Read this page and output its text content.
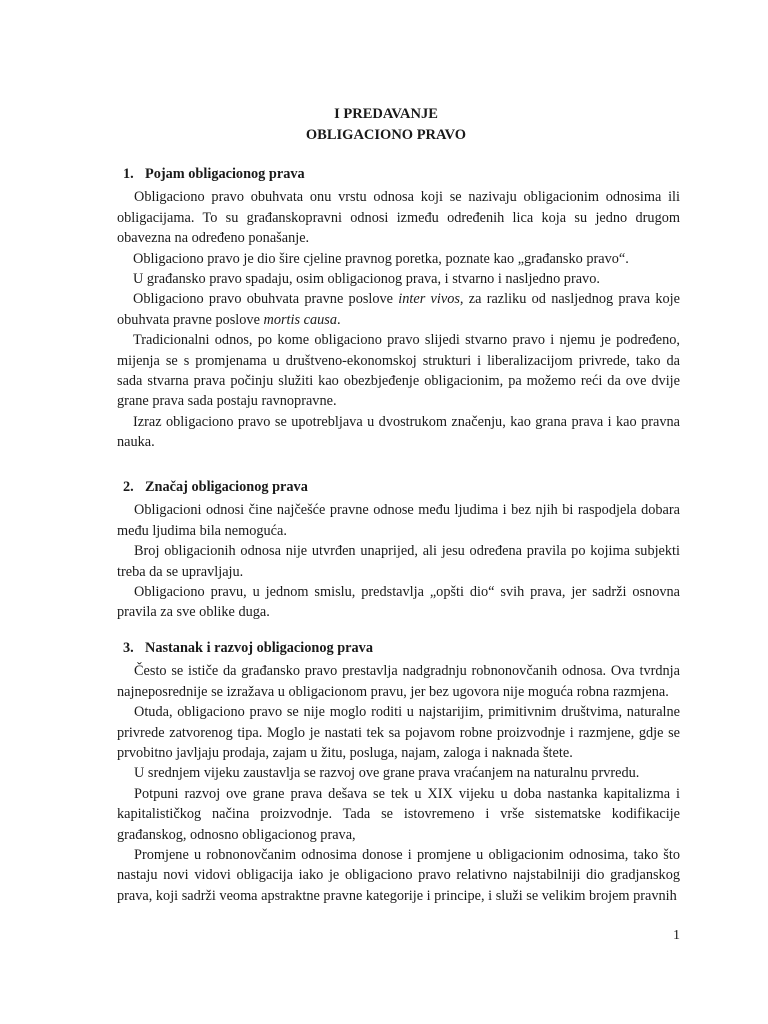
I PREDAVANJE
OBLIGACIONO PRAVO
1. Pojam obligacionog prava

Obligaciono pravo obuhvata onu vrstu odnosa koji se nazivaju obligacionim odnosima ili obligacijama. To su građanskopravni odnosi između određenih lica koja su jedno drugom obavezna na određeno ponašanje.

Obligaciono pravo je dio šire cjeline pravnog poretka, poznate kao „građansko pravo“.

U građansko pravo spadaju, osim obligacionog prava, i stvarno i nasljedno pravo.

Obligaciono pravo obuhvata pravne poslove inter vivos, za razliku od nasljednog prava koje obuhvata pravne poslove mortis causa.

Tradicionalni odnos, po kome obligaciono pravo slijedi stvarno pravo i njemu je podređeno, mijenja se s promjenama u društveno-ekonomskoj strukturi i liberalizacijom privrede, tako da sada stvarna prava počinju služiti kao obezbjeđenje obligacionim, pa možemo reći da ove dvije grane prava sada postaju ravnopravne.

Izraz obligaciono pravo se upotrebljava u dvostrukom značenju, kao grana prava i kao pravna nauka.

2. Značaj obligacionog prava

Obligacioni odnosi čine najčešće pravne odnose među ljudima i bez njih bi raspodjela dobara među ljudima bila nemoguća.

Broj obligacionih odnosa nije utvrđen unaprijed, ali jesu određena pravila po kojima subjekti treba da se upravljaju.

Obligaciono pravu, u jednom smislu, predstavlja „opšti dio“ svih prava, jer sadrži osnovna pravila za sve oblike duga.

3. Nastanak i razvoj obligacionog prava

Često se ističe da građansko pravo prestavlja nadgradnju robnonovčanih odnosa. Ova tvrdnja najneposrednije se izražava u obligacionom pravu, jer bez ugovora nije moguća robna razmjena.

Otuda, obligaciono pravo se nije moglo roditi u najstarijim, primitivnim društvima, naturalne privrede zatvorenog tipa. Moglo je nastati tek sa pojavom robne proizvodnje i razmjene, gdje se prvobitno javljaju prodaja, zajam u žitu, posluga, najam, zaloga i naknada štete.

U srednjem vijeku zaustavlja se razvoj ove grane prava vraćanjem na naturalnu prvredu.

Potpuni razvoj ove grane prava dešava se tek u XIX vijeku u doba nastanka kapitalizma i kapitalističkog načina proizvodnje. Tada se istovremeno i vrše sistematske kodifikacije građanskog, odnosno obligacionog prava,

Promjene u robnonovčanim odnosima donose i promjene u obligacionim odnosima, tako što nastaju novi vidovi obligacija iako je obligaciono pravo relativno najstabilniji dio gradjanskog prava, koji sadrži veoma apstraktne pravne kategorije i principe, i služi se velikim brojem pravnih

1
